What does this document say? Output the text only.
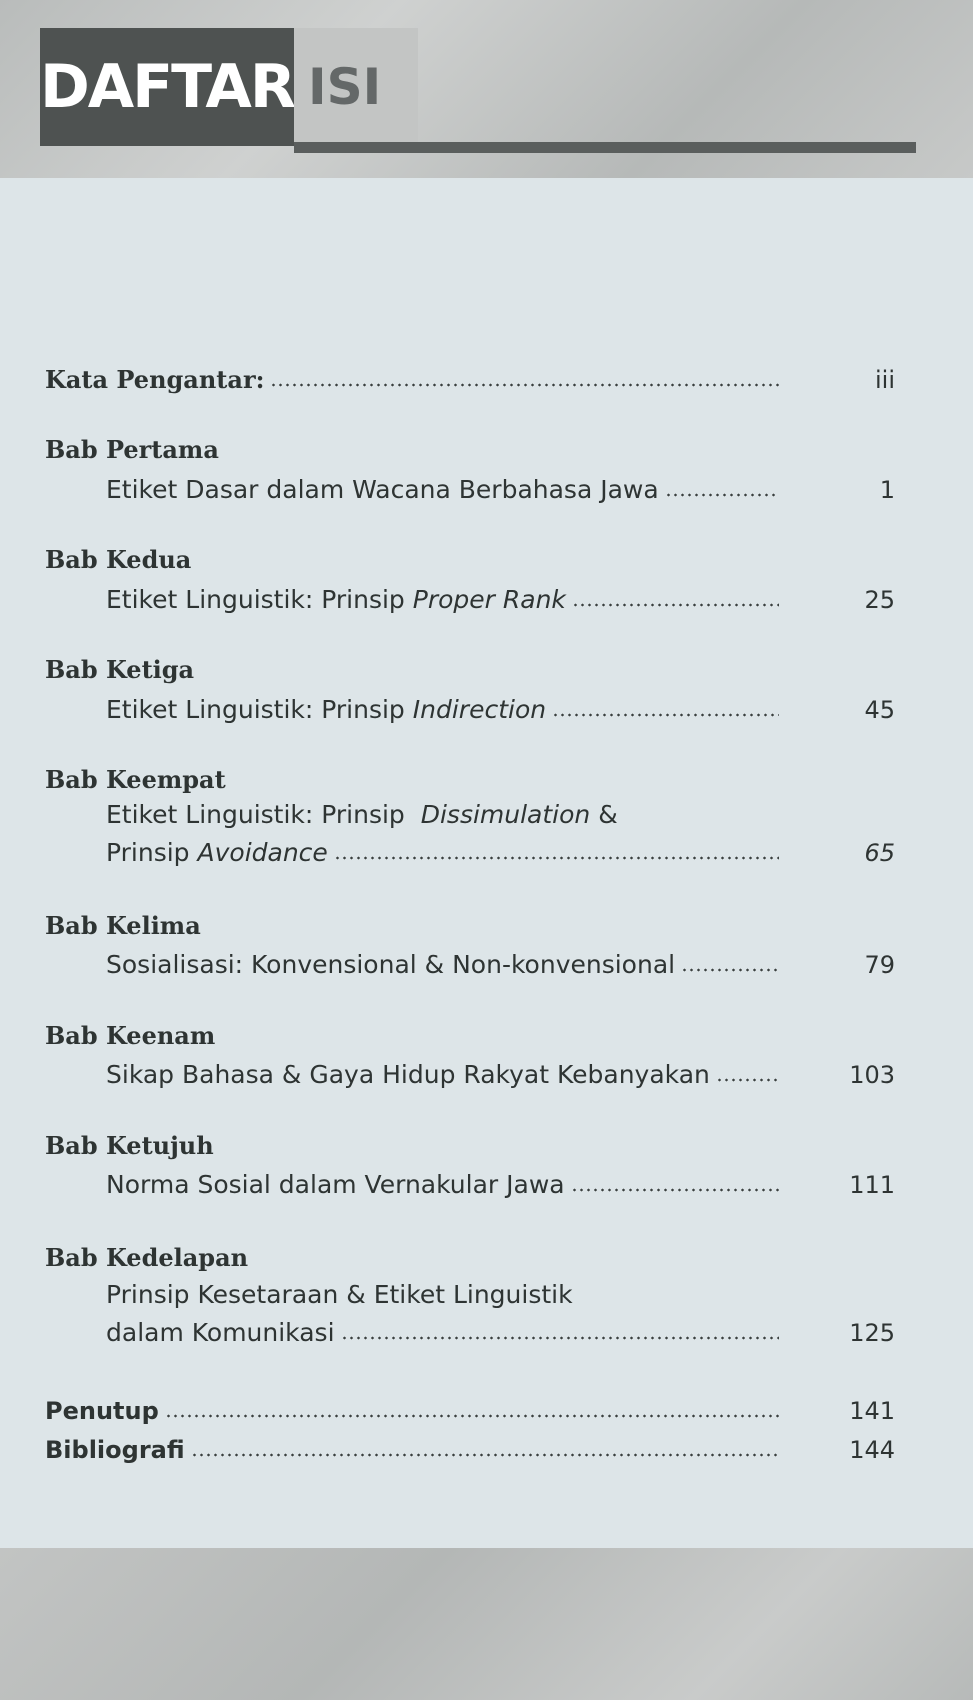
DAFTAR ISI
Kata Pengantar:	iii
Bab Pertama
Etiket Dasar dalam Wacana Berbahasa Jawa	1
Bab Kedua
Etiket Linguistik: Prinsip
Proper Rank	25
Bab Ketiga
Etiket Linguistik: Prinsip
Indirection	45
Bab Keempat
Etiket Linguistik: Prinsip  Dissimulation &
Prinsip
Avoidance	65
Bab Kelima
Sosialisasi: Konvensional & Non-konvensional	79
Bab Keenam
Sikap Bahasa & Gaya Hidup Rakyat Kebanyakan	103
Bab Ketujuh
Norma Sosial dalam Vernakular Jawa	111
Bab Kedelapan
Prinsip Kesetaraan & Etiket Linguistik
dalam Komunikasi	125
Penutup	141
Bibliografi	144
